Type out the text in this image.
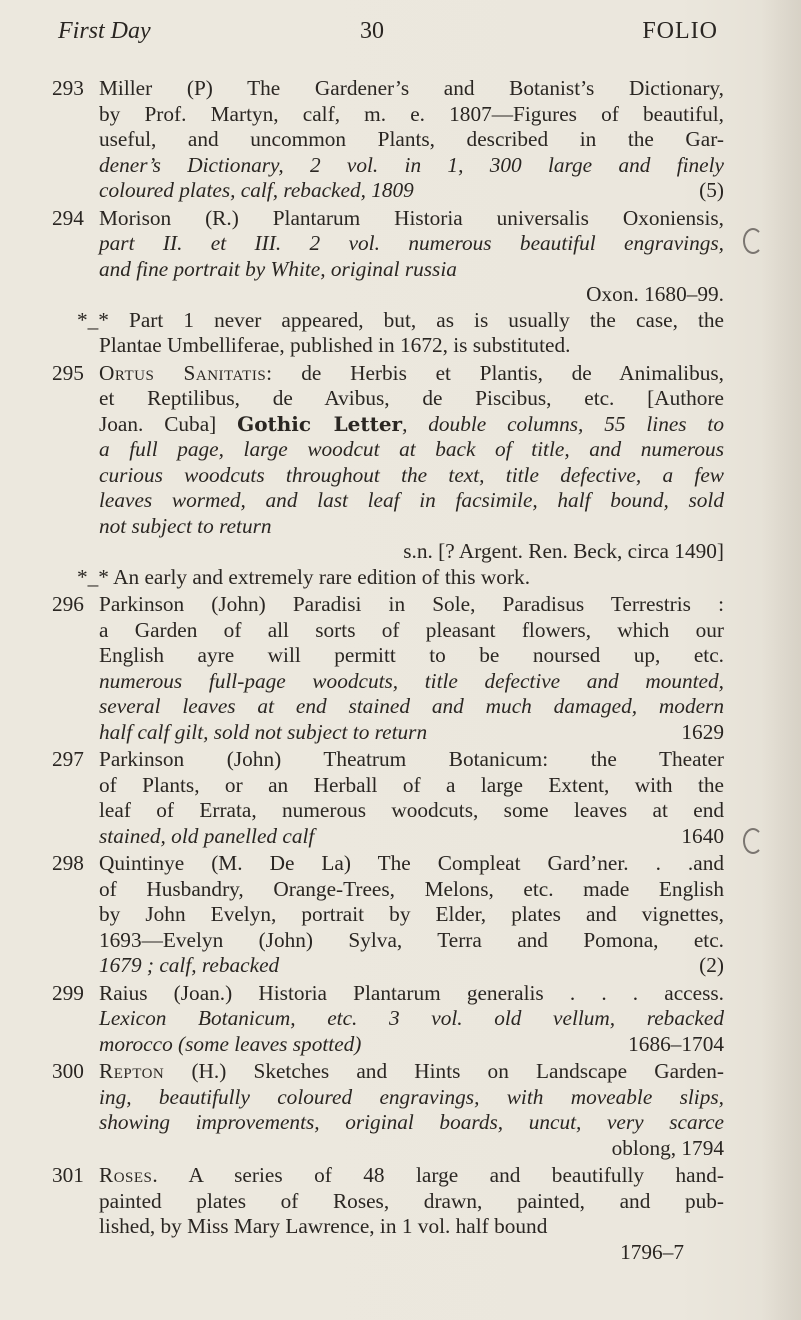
First Day	30	FOLIO
293 Miller (P) The Gardener’s and Botanist’s Dictionary,
by Prof. Martyn, calf, m. e. 1807—Figures of beautiful,
useful, and uncommon Plants, described in the Gar-
dener’s Dictionary, 2 vol. in 1, 300 large and finely
coloured plates, calf, rebacked, 1809	(5)
294 Morison (R.) Plantarum Historia universalis Oxoniensis,
part II. et III. 2 vol. numerous beautiful engravings,
and fine portrait by White, original russia
Oxon. 1680–99.
*_* Part 1 never appeared, but, as is usually the case, the
Plantae Umbelliferae, published in 1672, is substituted.
295 Ortus Sanitatis: de Herbis et Plantis, de Animalibus,
et Reptilibus, de Avibus, de Piscibus, etc. [Authore
Joan. Cuba] Gothic Letter, double columns, 55 lines to
a full page, large woodcut at back of title, and numerous
curious woodcuts throughout the text, title defective, a few
leaves wormed, and last leaf in facsimile, half bound, sold
not subject to return
s.n. [? Argent. Ren. Beck, circa 1490]
*_* An early and extremely rare edition of this work.
296 Parkinson (John) Paradisi in Sole, Paradisus Terrestris :
a Garden of all sorts of pleasant flowers, which our
English ayre will permitt to be noursed up, etc.
numerous full-page woodcuts, title defective and mounted,
several leaves at end stained and much damaged, modern
half calf gilt, sold not subject to return	1629
297 Parkinson (John) Theatrum Botanicum: the Theater
of Plants, or an Herball of a large Extent, with the
leaf of Errata, numerous woodcuts, some leaves at end
stained, old panelled calf	1640
298 Quintinye (M. De La) The Compleat Gard’ner. . .and
of Husbandry, Orange-Trees, Melons, etc. made English
by John Evelyn, portrait by Elder, plates and vignettes,
1693—Evelyn (John) Sylva, Terra and Pomona, etc.
1679 ; calf, rebacked	(2)
299 Raius (Joan.) Historia Plantarum generalis . . . access.
Lexicon Botanicum, etc. 3 vol. old vellum, rebacked
morocco (some leaves spotted)	1686–1704
300 Repton (H.) Sketches and Hints on Landscape Garden-
ing, beautifully coloured engravings, with moveable slips,
showing improvements, original boards, uncut, very scarce
oblong, 1794
301 Roses. A series of 48 large and beautifully hand-
painted plates of Roses, drawn, painted, and pub-
lished, by Miss Mary Lawrence, in 1 vol. half bound
1796–7
